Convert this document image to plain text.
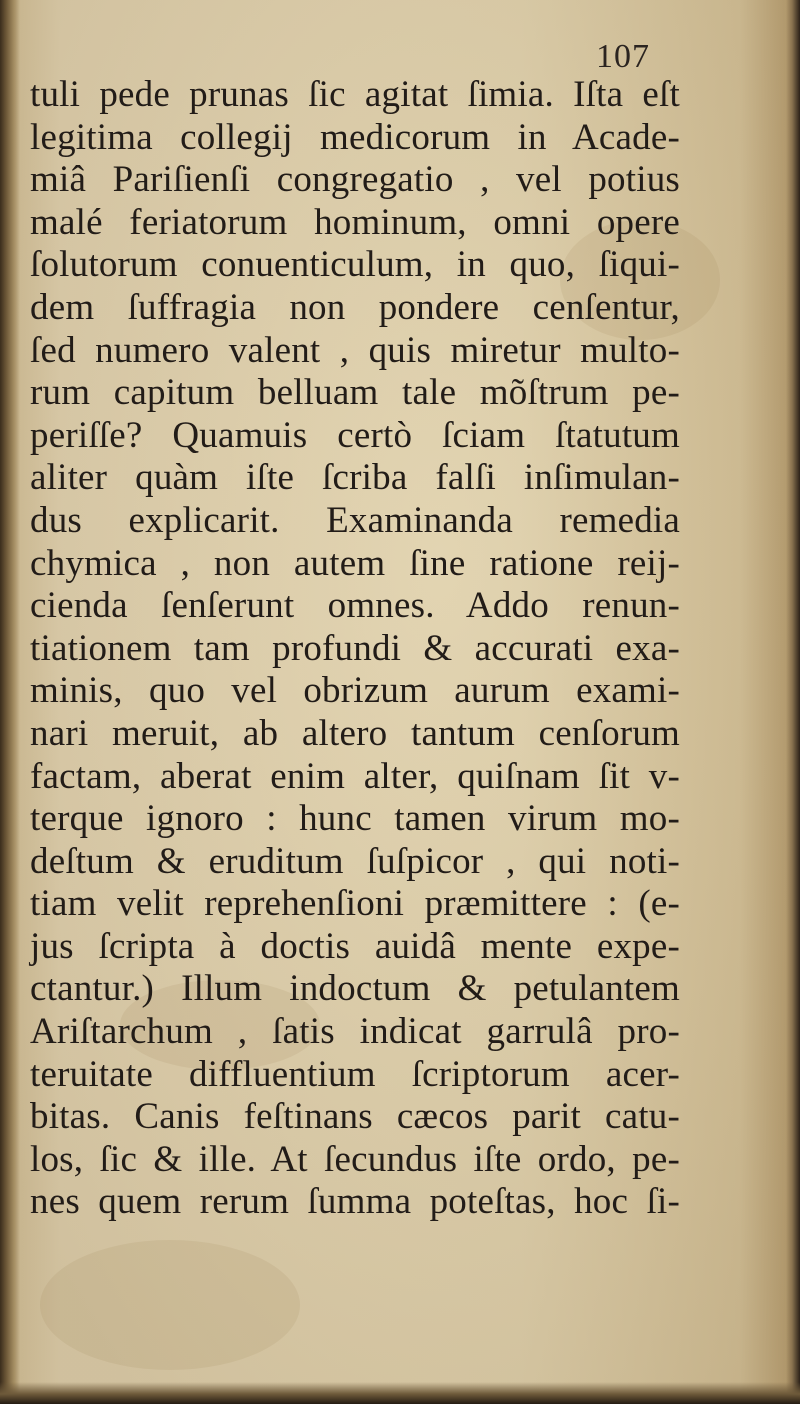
107
tuli pede prunas ſic agitat ſimia. Iſta eſt
legitima collegij medicorum in Acade-
miâ Pariſienſi congregatio , vel potius
malé feriatorum hominum, omni opere
ſolutorum conuenticulum, in quo, ſiqui-
dem ſuffragia non pondere cenſentur,
ſed numero valent , quis miretur multo-
rum capitum belluam tale mõſtrum pe-
periſſe? Quamuis certò ſciam ſtatutum
aliter quàm iſte ſcriba falſi inſimulan-
dus explicarit. Examinanda remedia
chymica , non autem ſine ratione reij-
cienda ſenſerunt omnes. Addo renun-
tiationem tam profundi & accurati exa-
minis, quo vel obrizum aurum exami-
nari meruit, ab altero tantum cenſorum
factam, aberat enim alter, quiſnam ſit v-
terque ignoro : hunc tamen virum mo-
deſtum & eruditum ſuſpicor , qui noti-
tiam velit reprehenſioni præmittere : (e-
jus ſcripta à doctis auidâ mente expe-
ctantur.) Illum indoctum & petulantem
Ariſtarchum , ſatis indicat garrulâ pro-
teruitate diffluentium ſcriptorum acer-
bitas. Canis feſtinans cæcos parit catu-
los, ſic & ille. At ſecundus iſte ordo, pe-
nes quem rerum ſumma poteſtas, hoc ſi-
